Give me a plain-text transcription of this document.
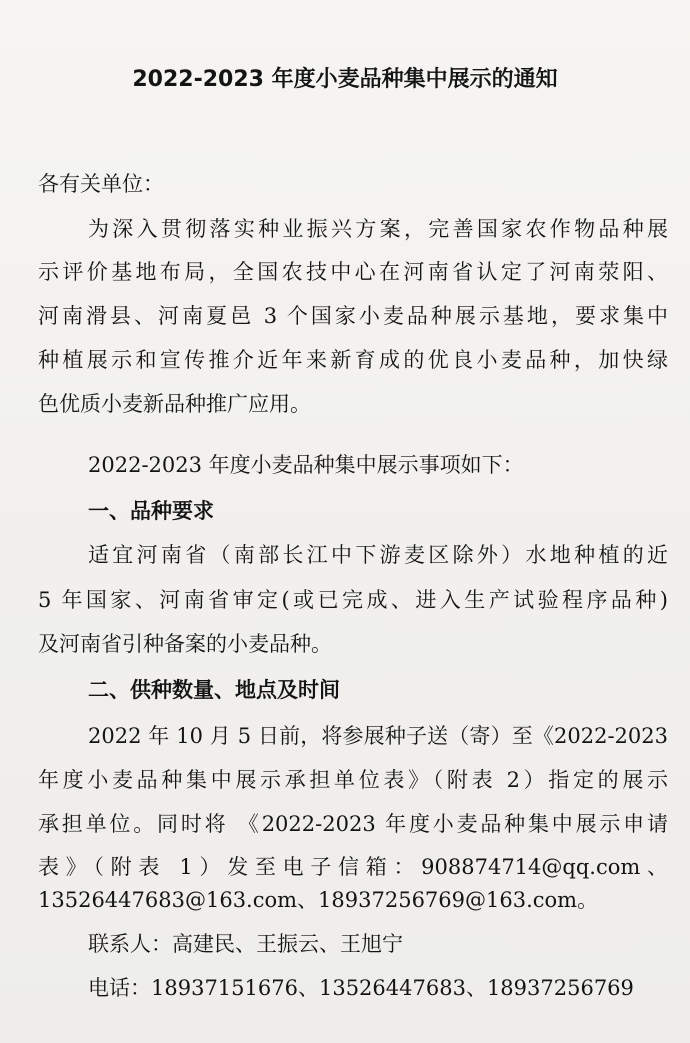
2022-2023 年度小麦品种集中展示的通知

各有关单位：

为深入贯彻落实种业振兴方案，完善国家农作物品种展

示评价基地布局，全国农技中心在河南省认定了河南荥阳、

河南滑县、河南夏邑 3 个国家小麦品种展示基地，要求集中

种植展示和宣传推介近年来新育成的优良小麦品种，加快绿

色优质小麦新品种推广应用。

2022-2023 年度小麦品种集中展示事项如下：

一、品种要求

适宜河南省（南部长江中下游麦区除外）水地种植的近

5 年国家、河南省审定(或已完成、进入生产试验程序品种)

及河南省引种备案的小麦品种。

二、供种数量、地点及时间

2022 年 10 月 5 日前，将参展种子送（寄）至《2022-2023

年度小麦品种集中展示承担单位表》（附表 2）指定的展示

承担单位。同时将 《2022-2023 年度小麦品种集中展示申请

表》（附表 1）发至电子信箱：908874714@qq.com、

13526447683@163.com、18937256769@163.com。

联系人：高建民、王振云、王旭宁

电话：18937151676、13526447683、18937256769
